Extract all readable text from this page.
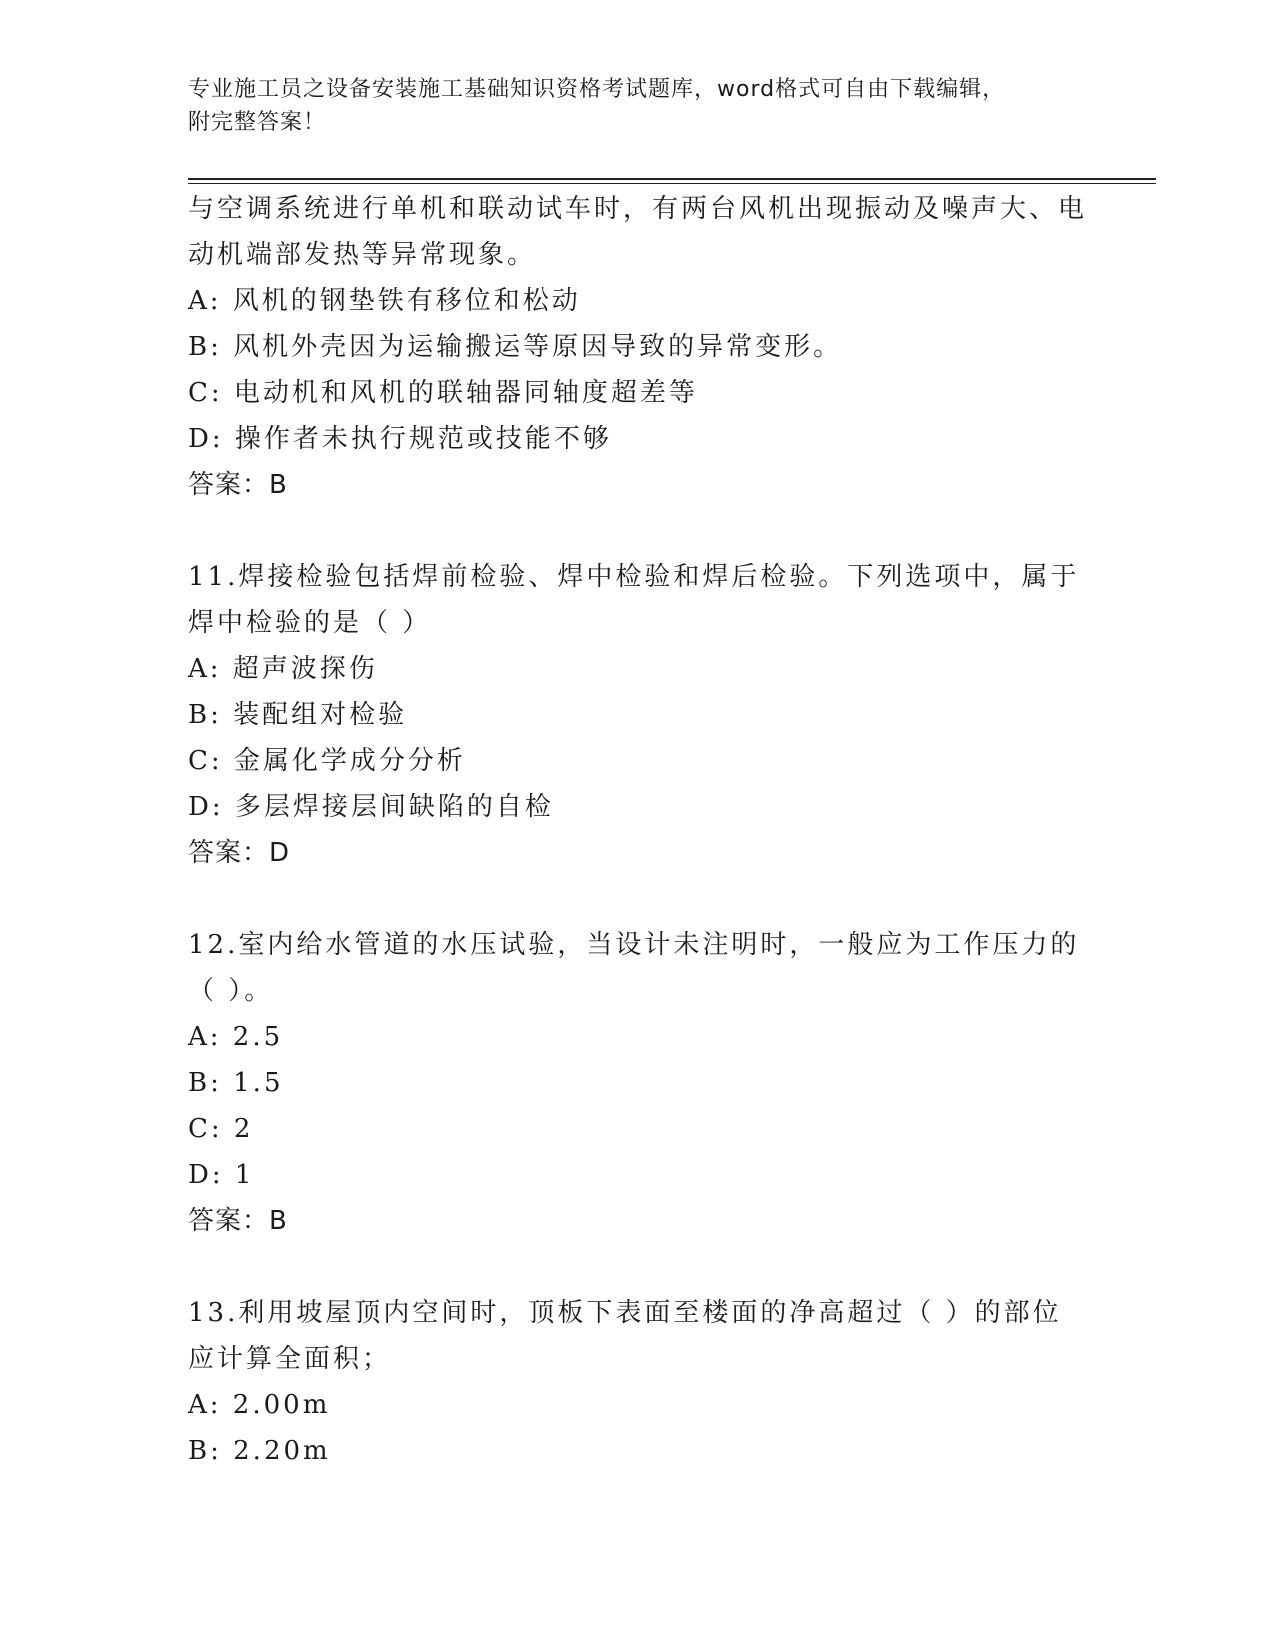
专业施工员之设备安装施工基础知识资格考试题库，word格式可自由下载编辑，
附完整答案！

与空调系统进行单机和联动试车时，有两台风机出现振动及噪声大、电动机端部发热等异常现象。

A: 风机的钢垫铁有移位和松动

B: 风机外壳因为运输搬运等原因导致的异常变形。

C: 电动机和风机的联轴器同轴度超差等

D: 操作者未执行规范或技能不够

答案：B

11.焊接检验包括焊前检验、焊中检验和焊后检验。下列选项中，属于焊中检验的是（ ）

A: 超声波探伤

B: 装配组对检验

C: 金属化学成分分析

D: 多层焊接层间缺陷的自检

答案：D

12.室内给水管道的水压试验，当设计未注明时，一般应为工作压力的（ ）。

A: 2.5

B: 1.5

C: 2

D: 1

答案：B

13.利用坡屋顶内空间时，顶板下表面至楼面的净高超过（ ）的部位应计算全面积；

A: 2.00m

B: 2.20m
